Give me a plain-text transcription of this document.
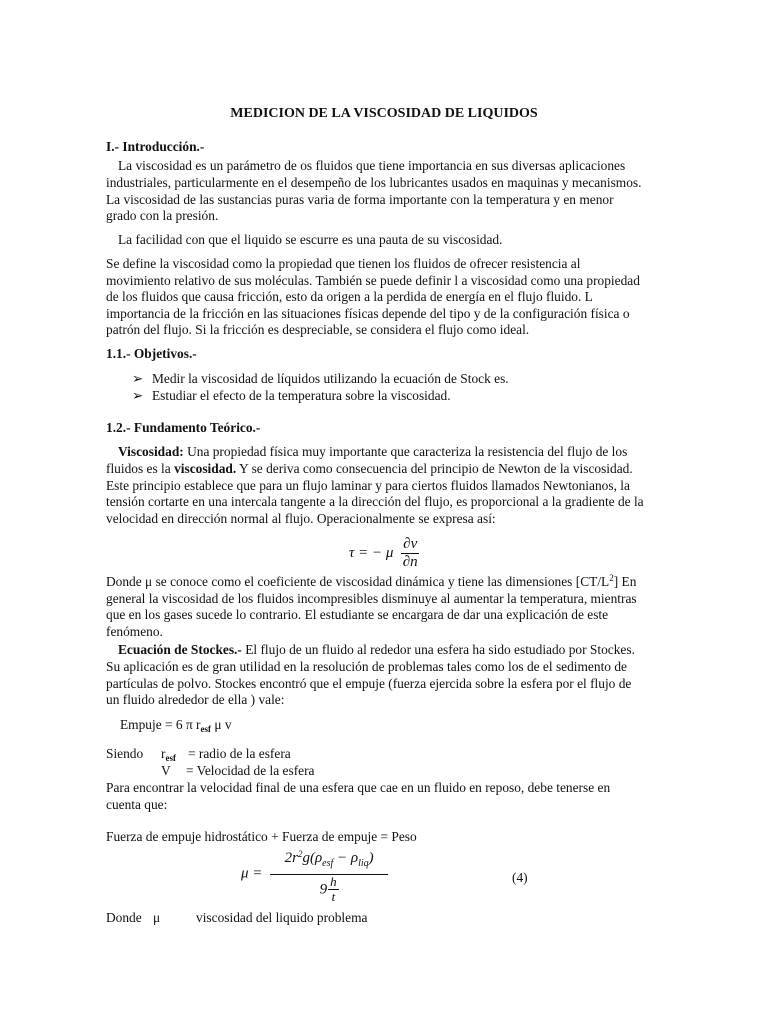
MEDICION DE LA VISCOSIDAD DE LIQUIDOS
I.- Introducción.-
La viscosidad es un parámetro de os fluidos que tiene importancia en sus diversas aplicaciones
industriales, particularmente en el desempeño de los lubricantes usados en maquinas y mecanismos.
La viscosidad de las sustancias puras varia de forma importante con la temperatura y en menor
grado con la presión.
La facilidad con que el liquido se escurre es una pauta de su viscosidad.
Se define la viscosidad como la propiedad que tienen los fluidos de ofrecer resistencia al
movimiento relativo de sus moléculas. También se puede definir l a viscosidad como una propiedad
de los fluidos que causa fricción, esto da origen a la perdida de energía en el flujo fluido. L
importancia de la fricción en las situaciones físicas depende del tipo y de la configuración física o
patrón del flujo. Si la fricción es despreciable, se considera el flujo como ideal.
1.1.- Objetivos.-
➢ Medir la viscosidad de líquidos utilizando la ecuación de Stock es.
➢ Estudiar el efecto de la temperatura sobre la viscosidad.
1.2.- Fundamento Teórico.-
Viscosidad: Una propiedad física muy importante que caracteriza la resistencia del flujo de los
fluidos es la viscosidad. Y se deriva como consecuencia del principio de Newton de la viscosidad.
Este principio establece que para un flujo laminar y para ciertos fluidos llamados Newtonianos, la
tensión cortarte en una intercala tangente a la dirección del flujo, es proporcional a la gradiente de la
velocidad en dirección normal al flujo. Operacionalmente se expresa así:
τ = − μ $\frac{\partial v}{\partial n}$
Donde μ se conoce como el coeficiente de viscosidad dinámica y tiene las dimensiones $[CT/L^2]$ En
general la viscosidad de los fluidos incompresibles disminuye al aumentar la temperatura, mientras
que en los gases sucede lo contrario. El estudiante se encargara de dar una explicación de este
fenómeno.
Ecuación de Stockes.- El flujo de un fluido al rededor una esfera ha sido estudiado por Stockes.
Su aplicación es de gran utilidad en la resolución de problemas tales como los de el sedimento de
partículas de polvo. Stockes encontró que el empuje (fuerza ejercida sobre la esfera por el flujo de
un fluido alrededor de ella ) vale:
Empuje = 6 π $r_{esf}$ μ v
Siendo	$r_{esf}$ = radio de la esfera
V	= Velocidad de la esfera
Para encontrar la velocidad final de una esfera que cae en un fluido en reposo, debe tenerse en
cuenta que:
Fuerza de empuje hidrostático + Fuerza de empuje = Peso
$\mu = \frac{2r^2g(\rho_{esf} - \rho_{liq})}{9 \frac{h}{t}}$	(4)
Donde μ	viscosidad del liquido problema
